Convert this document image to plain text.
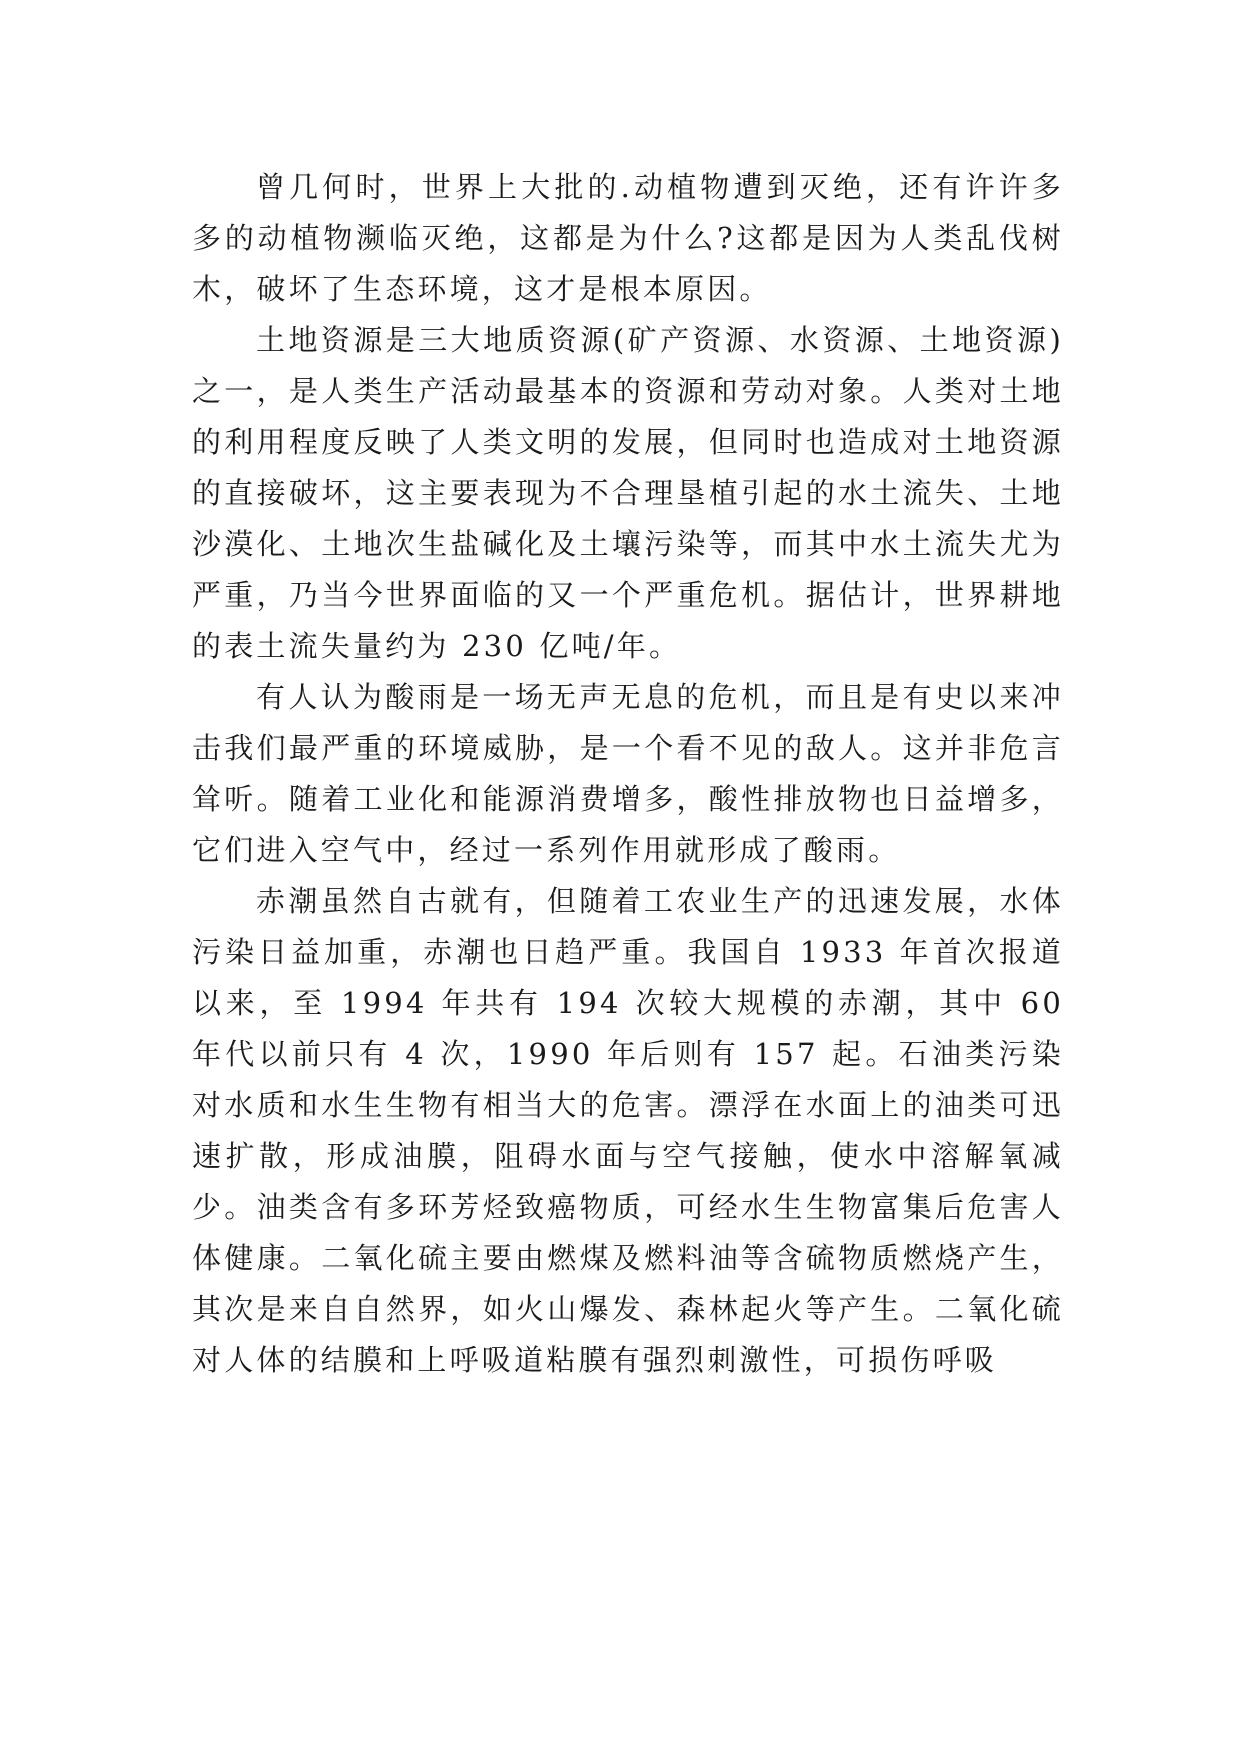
曾几何时，世界上大批的.动植物遭到灭绝，还有许许多多的动植物濒临灭绝，这都是为什么?这都是因为人类乱伐树木，破坏了生态环境，这才是根本原因。

土地资源是三大地质资源(矿产资源、水资源、土地资源)之一，是人类生产活动最基本的资源和劳动对象。人类对土地的利用程度反映了人类文明的发展，但同时也造成对土地资源的直接破坏，这主要表现为不合理垦植引起的水土流失、土地沙漠化、土地次生盐碱化及土壤污染等，而其中水土流失尤为严重，乃当今世界面临的又一个严重危机。据估计，世界耕地的表土流失量约为 230 亿吨/年。

有人认为酸雨是一场无声无息的危机，而且是有史以来冲击我们最严重的环境威胁，是一个看不见的敌人。这并非危言耸听。随着工业化和能源消费增多，酸性排放物也日益增多，它们进入空气中，经过一系列作用就形成了酸雨。

赤潮虽然自古就有，但随着工农业生产的迅速发展，水体污染日益加重，赤潮也日趋严重。我国自 1933 年首次报道以来，至 1994 年共有 194 次较大规模的赤潮，其中 60 年代以前只有 4 次，1990 年后则有 157 起。石油类污染对水质和水生生物有相当大的危害。漂浮在水面上的油类可迅速扩散，形成油膜，阻碍水面与空气接触，使水中溶解氧减少。油类含有多环芳烃致癌物质，可经水生生物富集后危害人体健康。二氧化硫主要由燃煤及燃料油等含硫物质燃烧产生，其次是来自自然界，如火山爆发、森林起火等产生。二氧化硫对人体的结膜和上呼吸道粘膜有强烈刺激性，可损伤呼吸
